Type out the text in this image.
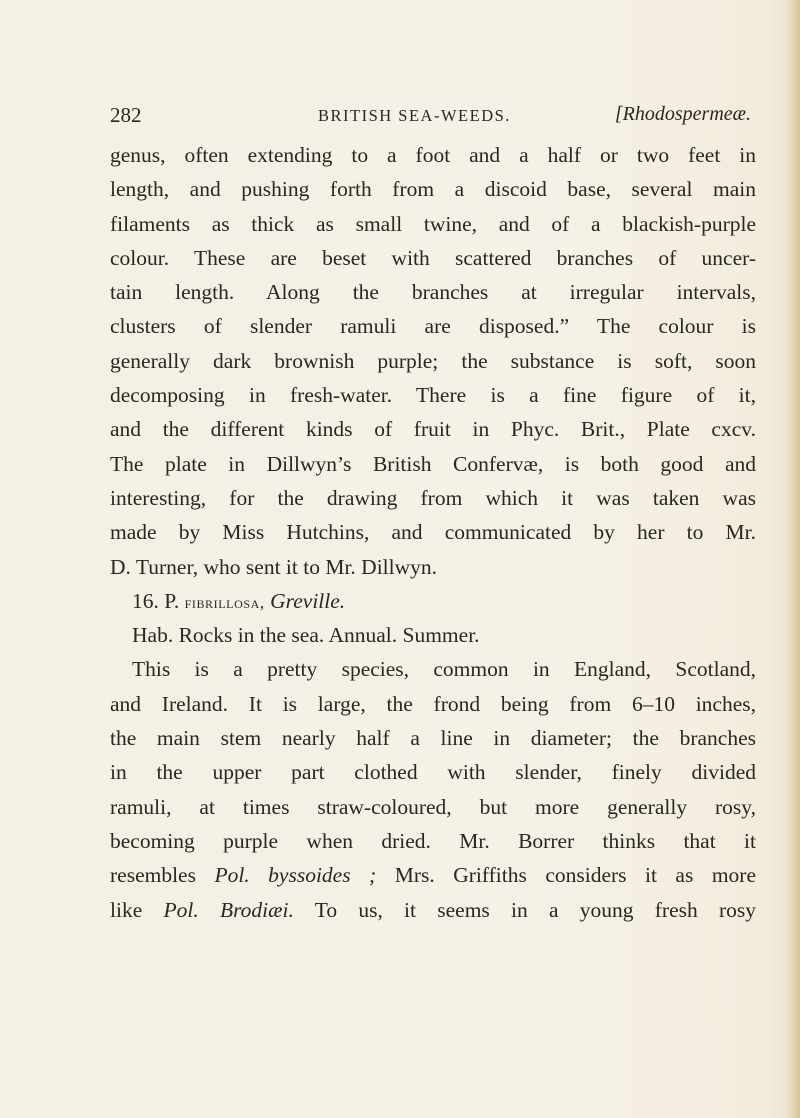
282	BRITISH SEA-WEEDS.	[Rhodospermeæ.
genus, often extending to a foot and a half or two feet in
length, and pushing forth from a discoid base, several main
filaments as thick as small twine, and of a blackish-purple
colour. These are beset with scattered branches of uncer-
tain length. Along the branches at irregular intervals,
clusters of slender ramuli are disposed.” The colour is
generally dark brownish purple; the substance is soft, soon
decomposing in fresh-water. There is a fine figure of it,
and the different kinds of fruit in Phyc. Brit., Plate cxcv.
The plate in Dillwyn’s British Confervæ, is both good and
interesting, for the drawing from which it was taken was
made by Miss Hutchins, and communicated by her to Mr.
D. Turner, who sent it to Mr. Dillwyn.
16. P. fibrillosa, Greville.
Hab. Rocks in the sea. Annual. Summer.
This is a pretty species, common in England, Scotland,
and Ireland. It is large, the frond being from 6–10 inches,
the main stem nearly half a line in diameter; the branches
in the upper part clothed with slender, finely divided
ramuli, at times straw-coloured, but more generally rosy,
becoming purple when dried. Mr. Borrer thinks that it
resembles Pol. byssoides ; Mrs. Griffiths considers it as more
like Pol. Brodiæi. To us, it seems in a young fresh rosy
